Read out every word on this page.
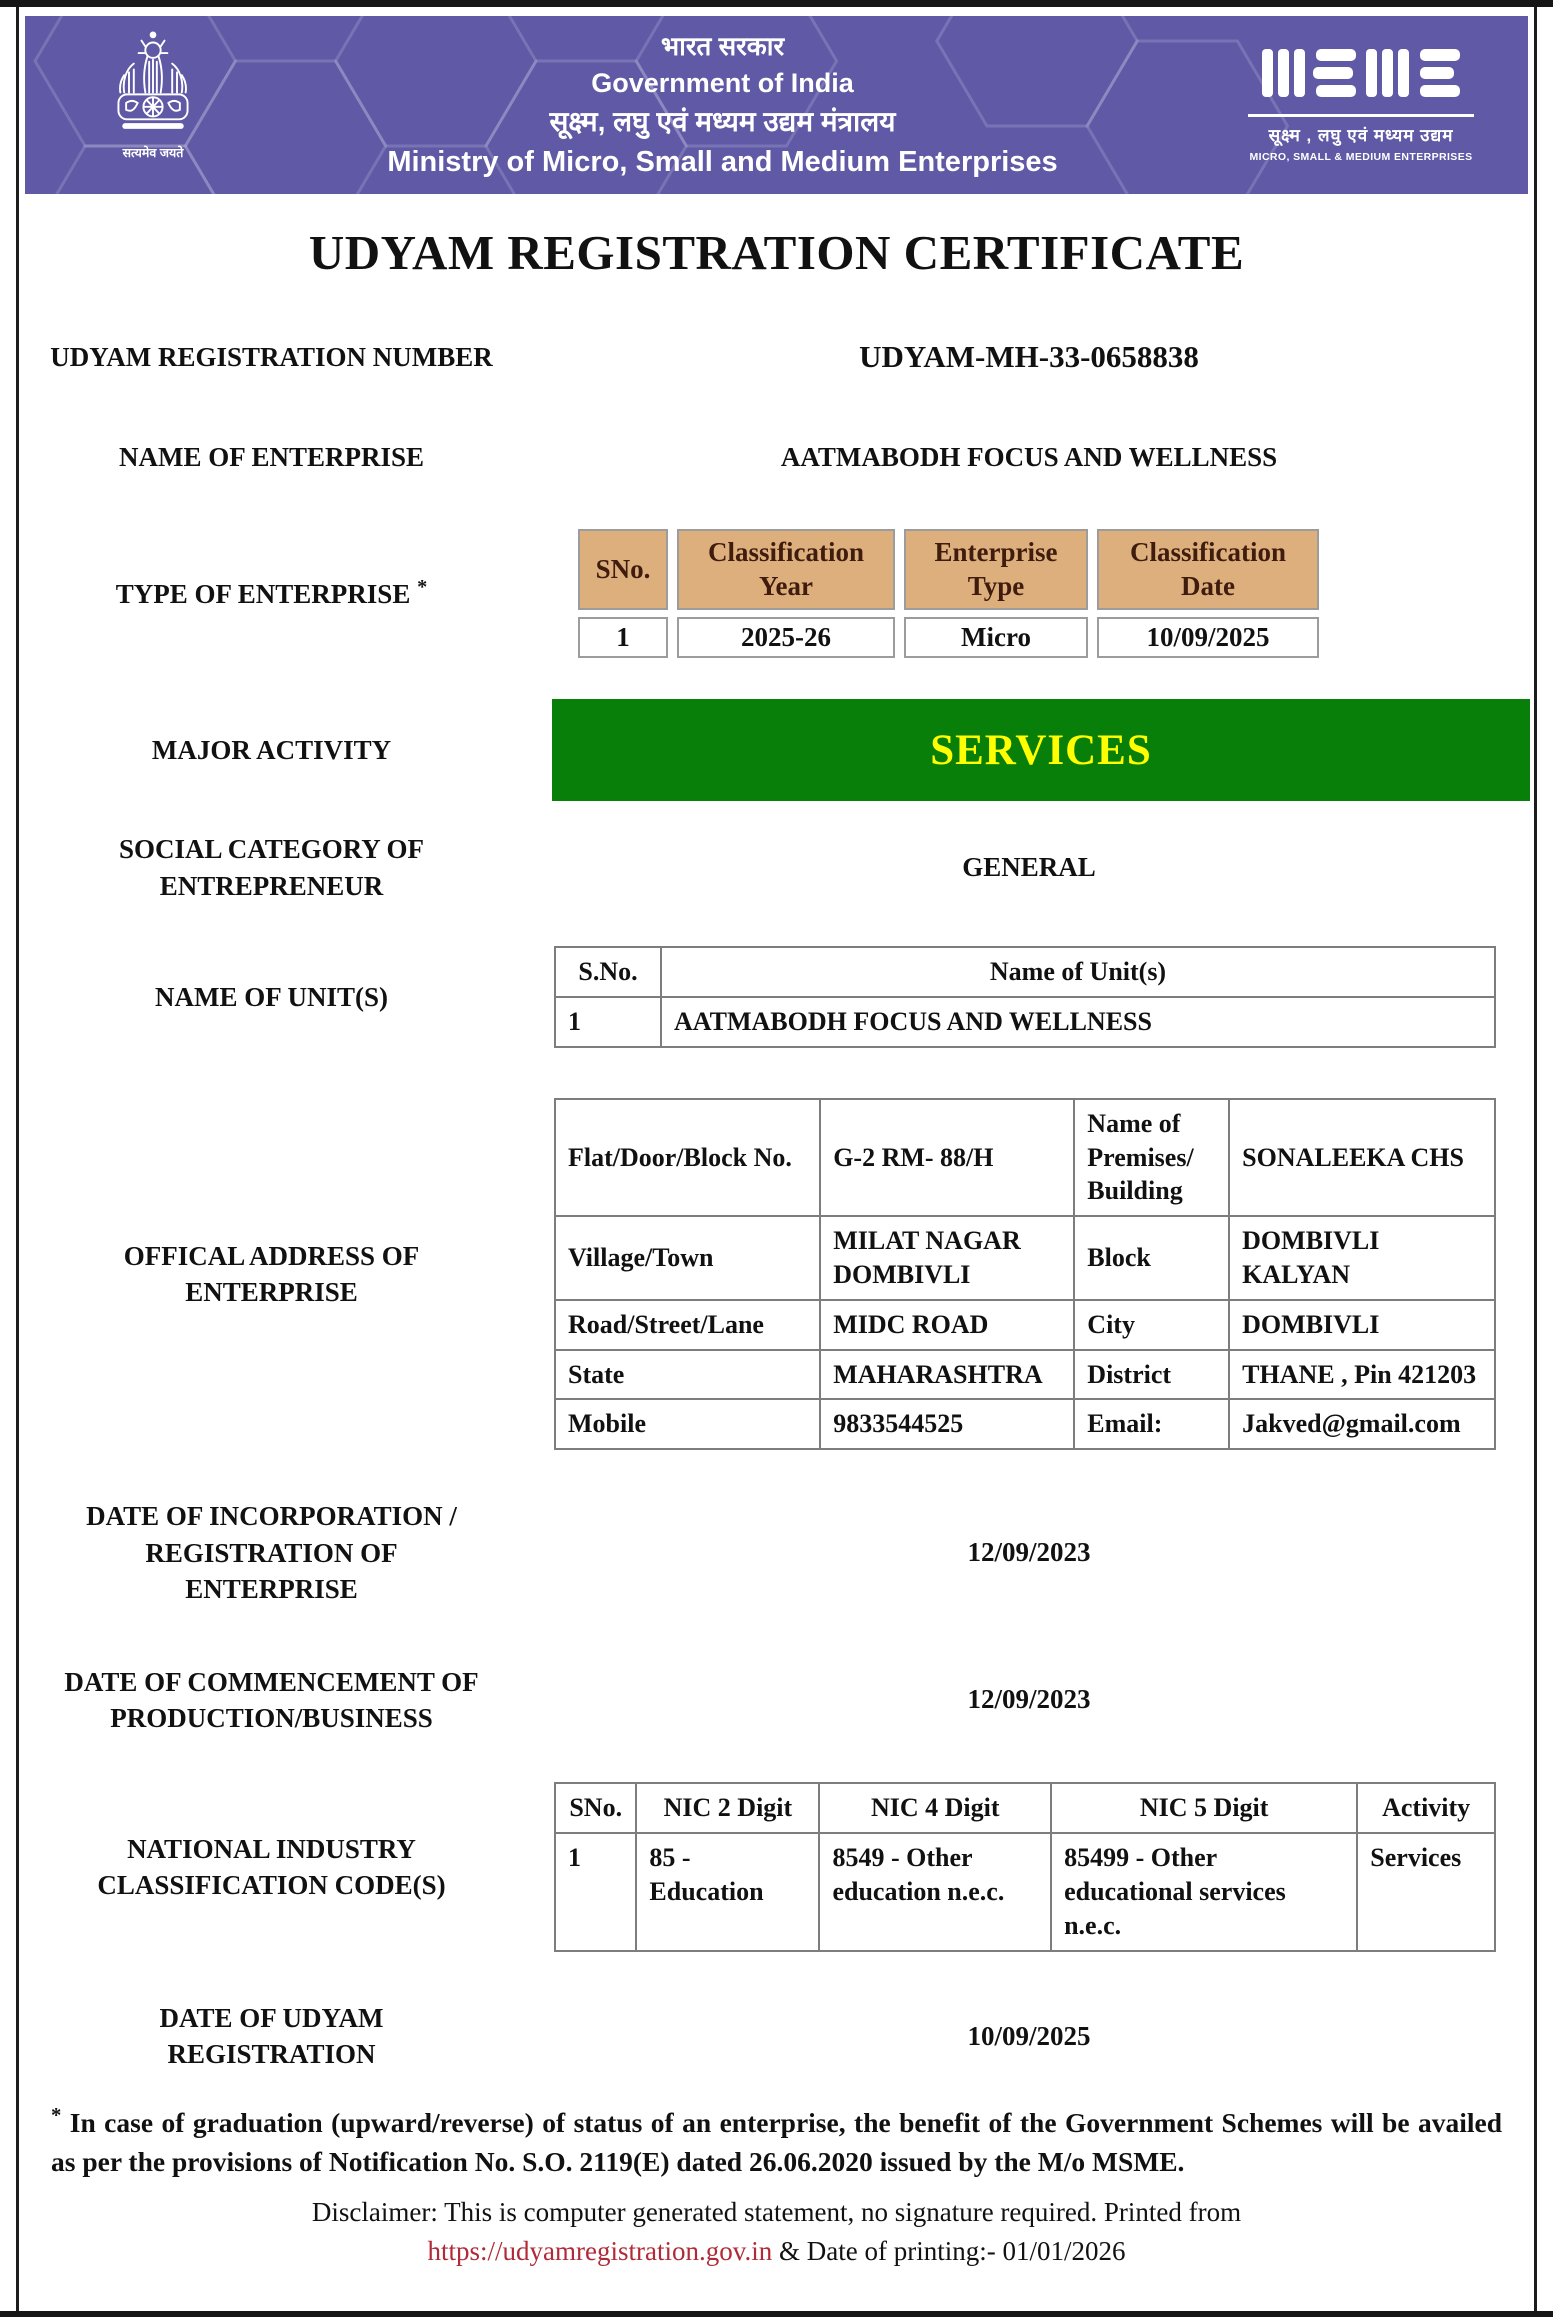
सत्यमेव जयते
भारत सरकार
Government of India
सूक्ष्म, लघु एवं मध्यम उद्यम मंत्रालय
Ministry of Micro, Small and Medium Enterprises
सूक्ष्म , लघु एवं मध्यम उद्यम
MICRO, SMALL & MEDIUM ENTERPRISES
UDYAM REGISTRATION CERTIFICATE
UDYAM REGISTRATION NUMBER	UDYAM-MH-33-0658838
NAME OF ENTERPRISE	AATMABODH FOCUS AND WELLNESS
TYPE OF ENTERPRISE *
SNo.	Classification Year	Enterprise Type	Classification Date
1	2025-26	Micro	10/09/2025
MAJOR ACTIVITY	SERVICES
SOCIAL CATEGORY OF ENTREPRENEUR
GENERAL
NAME OF UNIT(S)
S.No.	Name of Unit(s)
1	AATMABODH FOCUS AND WELLNESS
OFFICAL ADDRESS OF ENTERPRISE
Flat/Door/Block No.	G-2 RM- 88/H	Name of Premises/ Building	SONALEEKA CHS
Village/Town	MILAT NAGAR DOMBIVLI	Block	DOMBIVLI KALYAN
Road/Street/Lane	MIDC ROAD	City	DOMBIVLI
State	MAHARASHTRA	District	THANE , Pin 421203
Mobile	9833544525	Email:	Jakved@gmail.com
DATE OF INCORPORATION / REGISTRATION OF ENTERPRISE
12/09/2023
DATE OF COMMENCEMENT OF PRODUCTION/BUSINESS
12/09/2023
NATIONAL INDUSTRY CLASSIFICATION CODE(S)
SNo.	NIC 2 Digit	NIC 4 Digit	NIC 5 Digit	Activity
1	85 - Education	8549 - Other education n.e.c.	85499 - Other educational services n.e.c.	Services
DATE OF UDYAM REGISTRATION
10/09/2025
* In case of graduation (upward/reverse) of status of an enterprise, the benefit of the Government Schemes will be availed as per the provisions of Notification No. S.O. 2119(E) dated 26.06.2020 issued by the M/o MSME.
Disclaimer: This is computer generated statement, no signature required. Printed from
https://udyamregistration.gov.in & Date of printing:- 01/01/2026
